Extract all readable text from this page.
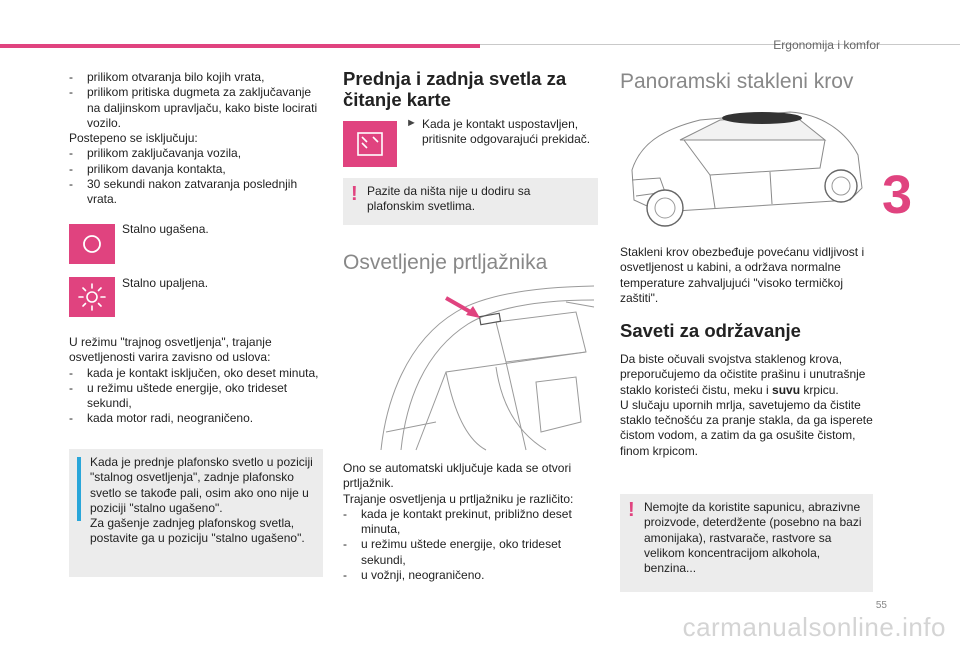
Ergonomija i komfor
3

- prilikom otvaranja bilo kojih vrata,

- prilikom pritiska dugmeta za zaključavanje na daljinskom upravljaču, kako biste locirati vozilo.

Postepeno se isključuju:

- prilikom zaključavanja vozila,

- prilikom davanja kontakta,

- 30 sekundi nakon zatvaranja poslednjih vrata.

Stalno ugašena.
Stalno upaljena.

U režimu "trajnog osvetljenja", trajanje osvetljenosti varira zavisno od uslova:

- kada je kontakt isključen, oko deset minuta,

- u režimu uštede energije, oko trideset sekundi,

- kada motor radi, neograničeno.

Kada je prednje plafonsko svetlo u poziciji "stalnog osvetljenja", zadnje plafonsko svetlo se takođe pali, osim ako ono nije u poziciji "stalno ugašeno".
Za gašenje zadnjeg plafonskog svetla, postavite ga u poziciju "stalno ugašeno".
Prednja i zadnja svetla za čitanje karte
► Kada je kontakt uspostavljen, pritisnite odgovarajući prekidač.
! Pazite da ništa nije u dodiru sa plafonskim svetlima.
Osvetljenje prtljažnika

Ono se automatski uključuje kada se otvori prtljažnik.

Trajanje osvetljenja u prtljažniku je različito:

- kada je kontakt prekinut, približno deset minuta,

- u režimu uštede energije, oko trideset sekundi,

- u vožnji, neograničeno.

Panoramski stakleni krov
Stakleni krov obezbeđuje povećanu vidljivost i osvetljenost u kabini, a održava normalne temperature zahvaljujući "visoko termičkoj zaštiti".
Saveti za održavanje

Da biste očuvali svojstva staklenog krova, preporučujemo da očistite prašinu i unutrašnje staklo koristeći čistu, meku i suvu krpicu.

U slučaju upornih mrlja, savetujemo da čistite staklo tečnošću za pranje stakla, da ga isperete čistom vodom, a zatim da ga osušite čistom, finom krpicom.

! Nemojte da koristite sapunicu, abrazivne proizvode, deterdžente (posebno na bazi amonijaka), rastvarače, rastvore sa velikom koncentracijom alkohola, benzina...
55
carmanualsonline.info
